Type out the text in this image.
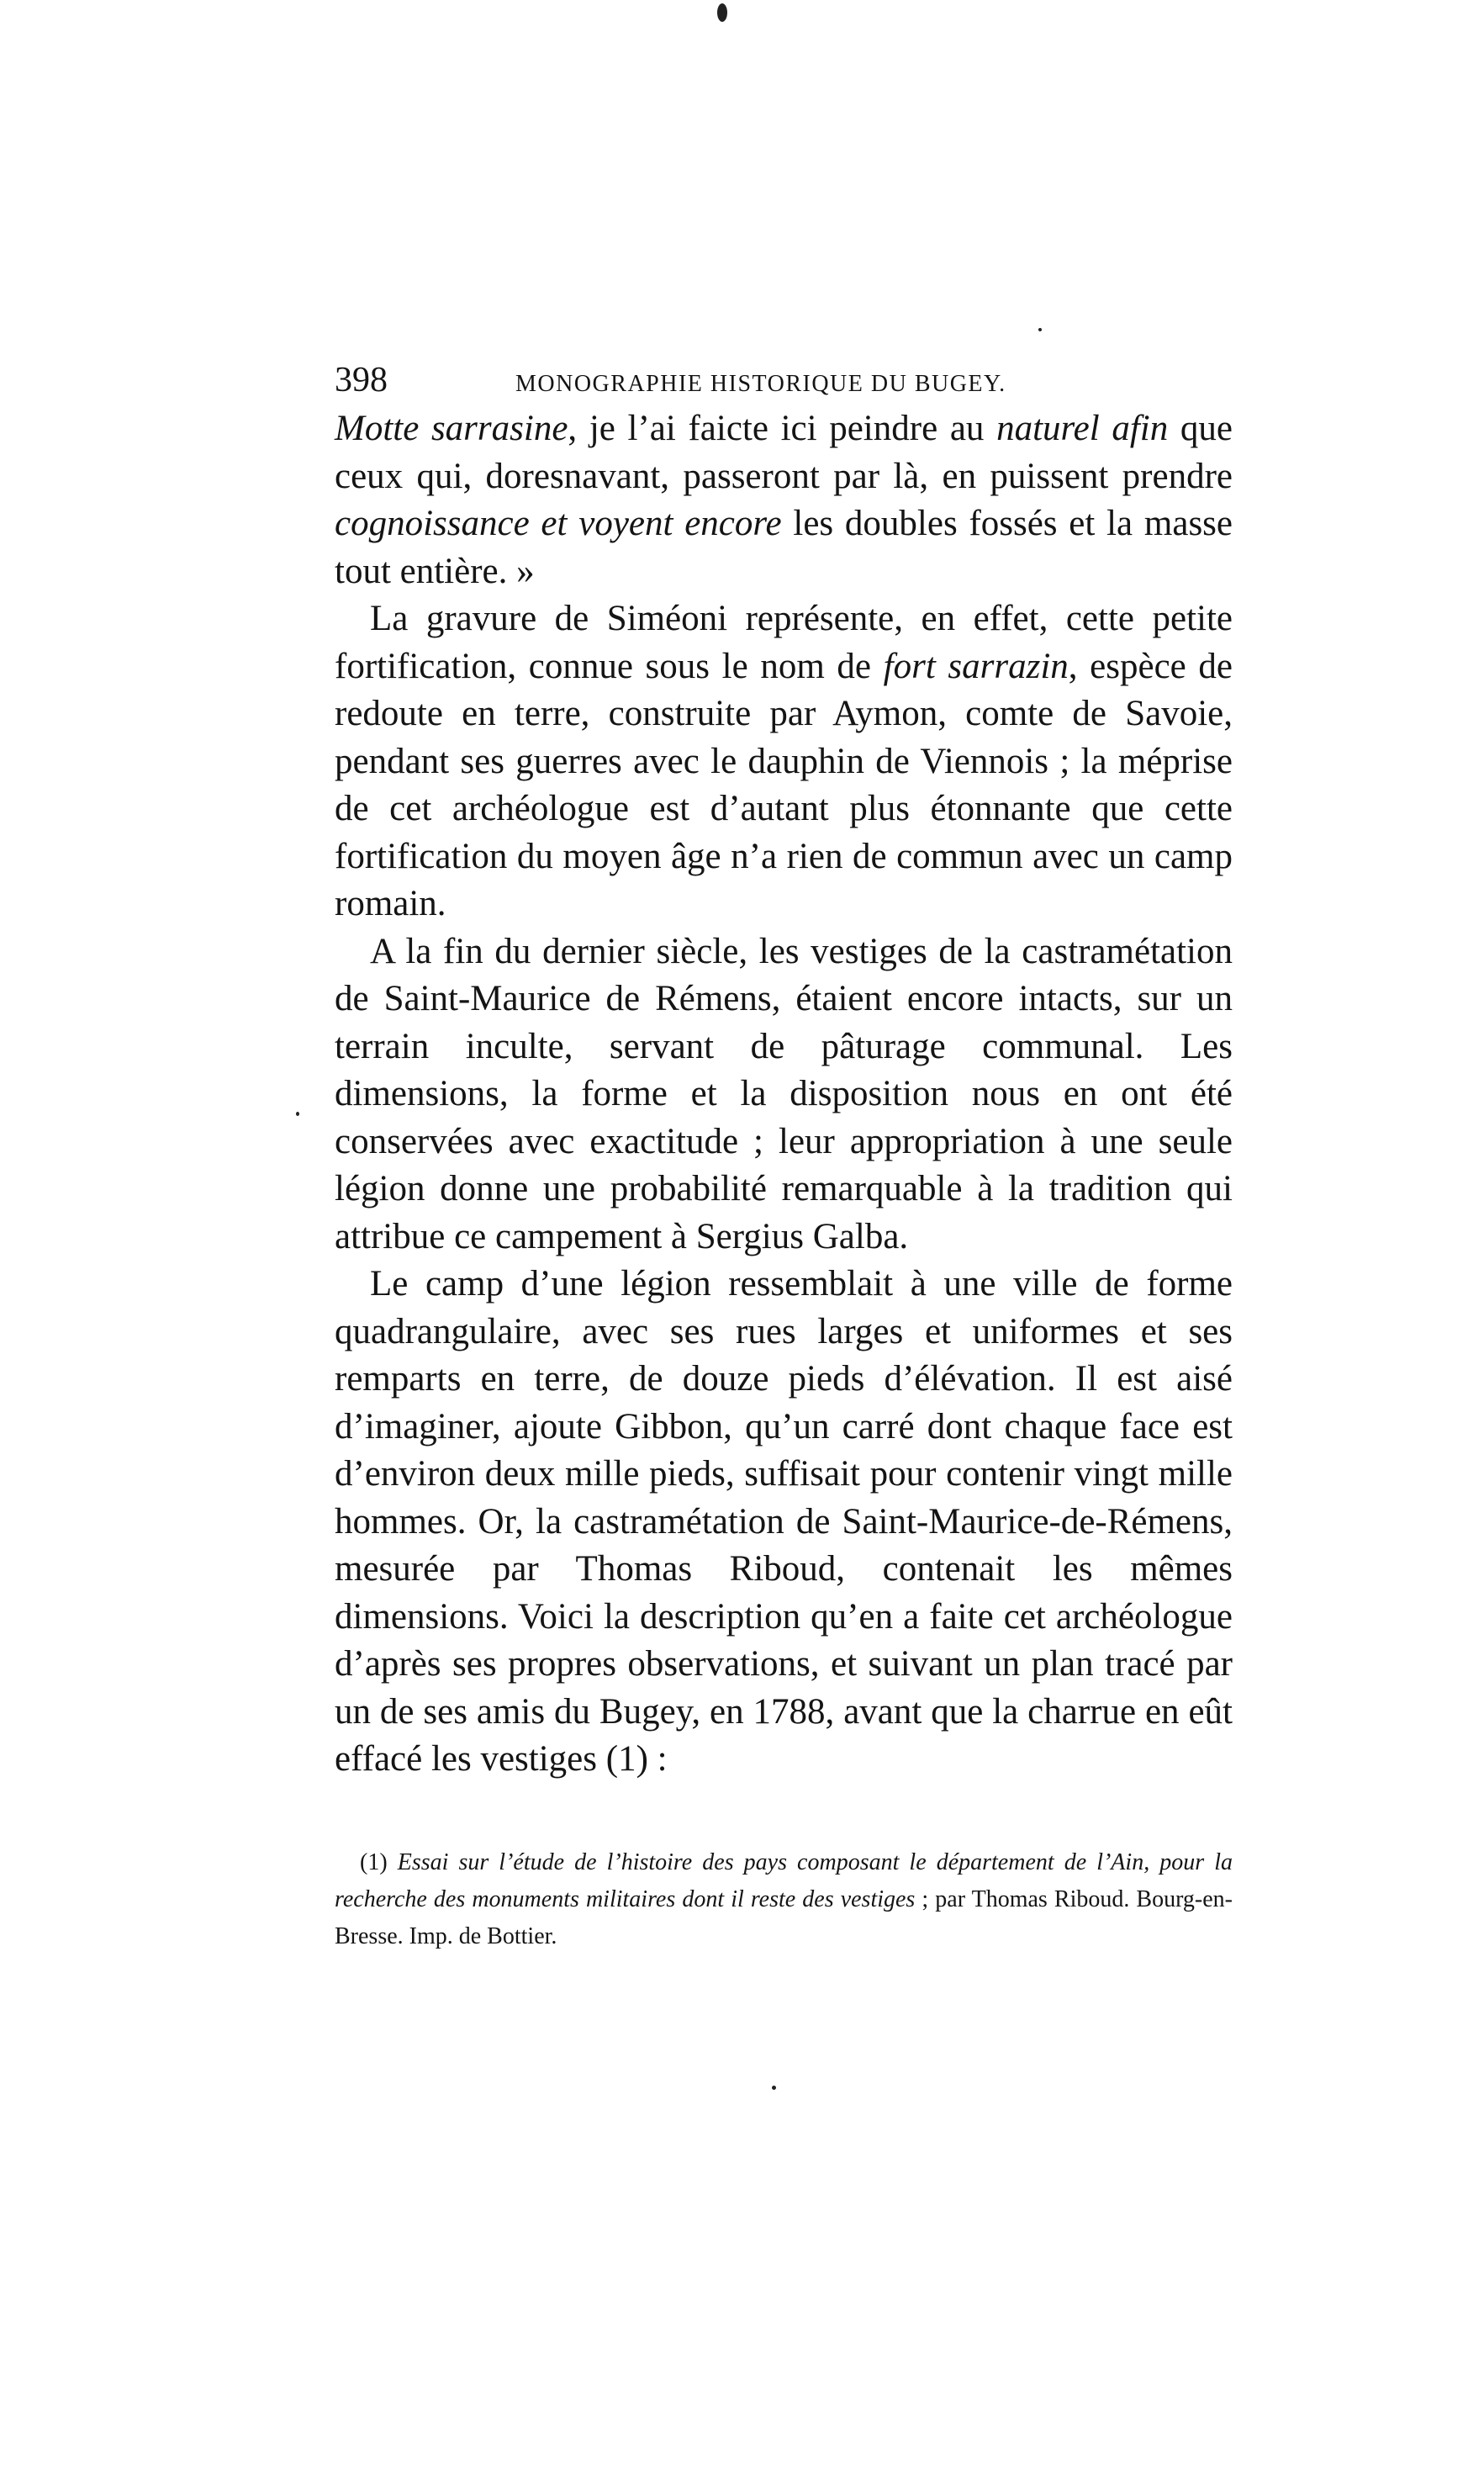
398	MONOGRAPHIE HISTORIQUE DU BUGEY.

Motte sarrasine, je l’ai faicte ici peindre au naturel afin que ceux qui, doresnavant, passeront par là, en puissent prendre cognoissance et voyent encore les doubles fossés et la masse tout entière. »

La gravure de Siméoni représente, en effet, cette petite fortification, connue sous le nom de fort sarrazin, espèce de redoute en terre, construite par Aymon, comte de Savoie, pendant ses guerres avec le dauphin de Viennois ; la méprise de cet archéologue est d’autant plus étonnante que cette fortification du moyen âge n’a rien de commun avec un camp romain.

A la fin du dernier siècle, les vestiges de la castramétation de Saint-Maurice de Rémens, étaient encore intacts, sur un terrain inculte, servant de pâturage communal. Les dimensions, la forme et la disposition nous en ont été conservées avec exactitude ; leur appropriation à une seule légion donne une probabilité remarquable à la tradition qui attribue ce campement à Sergius Galba.

Le camp d’une légion ressemblait à une ville de forme quadrangulaire, avec ses rues larges et uniformes et ses remparts en terre, de douze pieds d’élévation. Il est aisé d’imaginer, ajoute Gibbon, qu’un carré dont chaque face est d’environ deux mille pieds, suffisait pour contenir vingt mille hommes. Or, la castramétation de Saint-Maurice-de-Rémens, mesurée par Thomas Riboud, contenait les mêmes dimensions. Voici la description qu’en a faite cet archéologue d’après ses propres observations, et suivant un plan tracé par un de ses amis du Bugey, en 1788, avant que la charrue en eût effacé les vestiges (1) :

(1) Essai sur l’étude de l’histoire des pays composant le département de l’Ain, pour la recherche des monuments militaires dont il reste des vestiges ; par Thomas Riboud. Bourg-en-Bresse. Imp. de Bottier.
